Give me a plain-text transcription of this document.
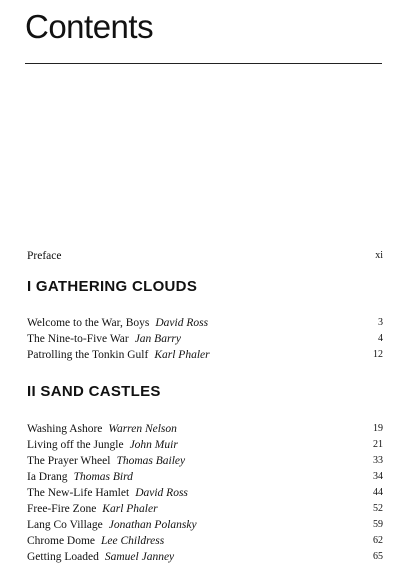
Contents
Preface	xi
I GATHERING CLOUDS
Welcome to the War, Boys David Ross	3
The Nine-to-Five War Jan Barry	4
Patrolling the Tonkin Gulf Karl Phaler	12
II SAND CASTLES
Washing Ashore Warren Nelson	19
Living off the Jungle John Muir	21
The Prayer Wheel Thomas Bailey	33
Ia Drang Thomas Bird	34
The New-Life Hamlet David Ross	44
Free-Fire Zone Karl Phaler	52
Lang Co Village Jonathan Polansky	59
Chrome Dome Lee Childress	62
Getting Loaded Samuel Janney	65
